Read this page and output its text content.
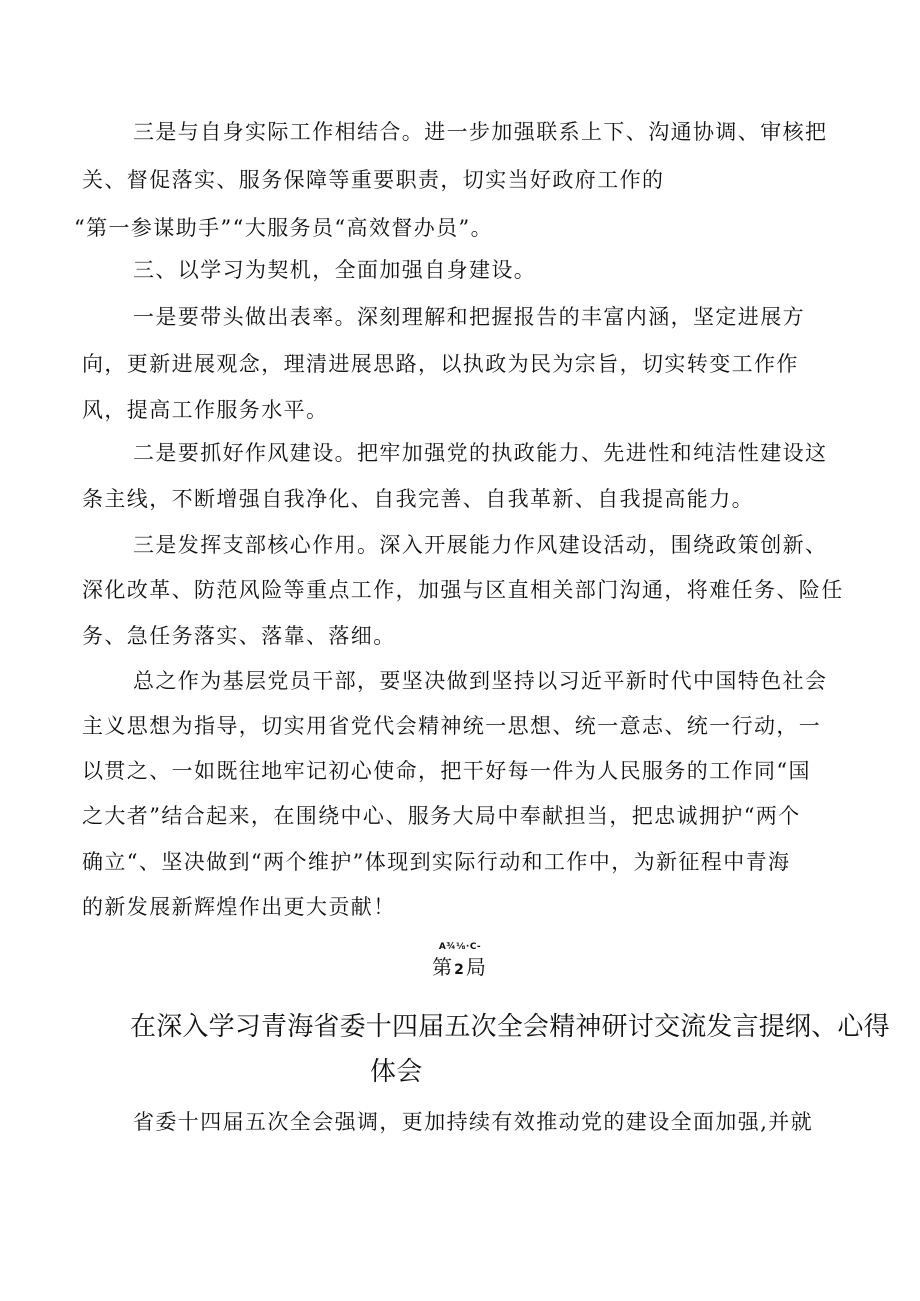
三是与自身实际工作相结合。进一步加强联系上下、沟通协调、审核把
关、督促落实、服务保障等重要职责，切实当好政府工作的
“第一参谋助手”“大服务员“高效督办员”。
三、以学习为契机，全面加强自身建设。
一是要带头做出表率。深刻理解和把握报告的丰富内涵，坚定进展方
向，更新进展观念，理清进展思路，以执政为民为宗旨，切实转变工作作
风，提高工作服务水平。
二是要抓好作风建设。把牢加强党的执政能力、先进性和纯洁性建设这
条主线，不断增强自我净化、自我完善、自我革新、自我提高能力。
三是发挥支部核心作用。深入开展能力作风建设活动，围绕政策创新、
深化改革、防范风险等重点工作，加强与区直相关部门沟通，将难任务、险任
务、急任务落实、落靠、落细。
总之作为基层党员干部，要坚决做到坚持以习近平新时代中国特色社会
主义思想为指导，切实用省党代会精神统一思想、统一意志、统一行动，一
以贯之、一如既往地牢记初心使命，把干好每一件为人民服务的工作同“国
之大者”结合起来，在围绕中心、服务大局中奉献担当，把忠诚拥护“两个
确立“、坚决做到“两个维护”体现到实际行动和工作中，为新征程中青海
的新发展新辉煌作出更大贡献！
A¾⅛·C‑
第2局
在深入学习青海省委十四届五次全会精神研讨交流发言提纲、心得
体会
省委十四届五次全会强调，更加持续有效推动党的建设全面加强,并就
